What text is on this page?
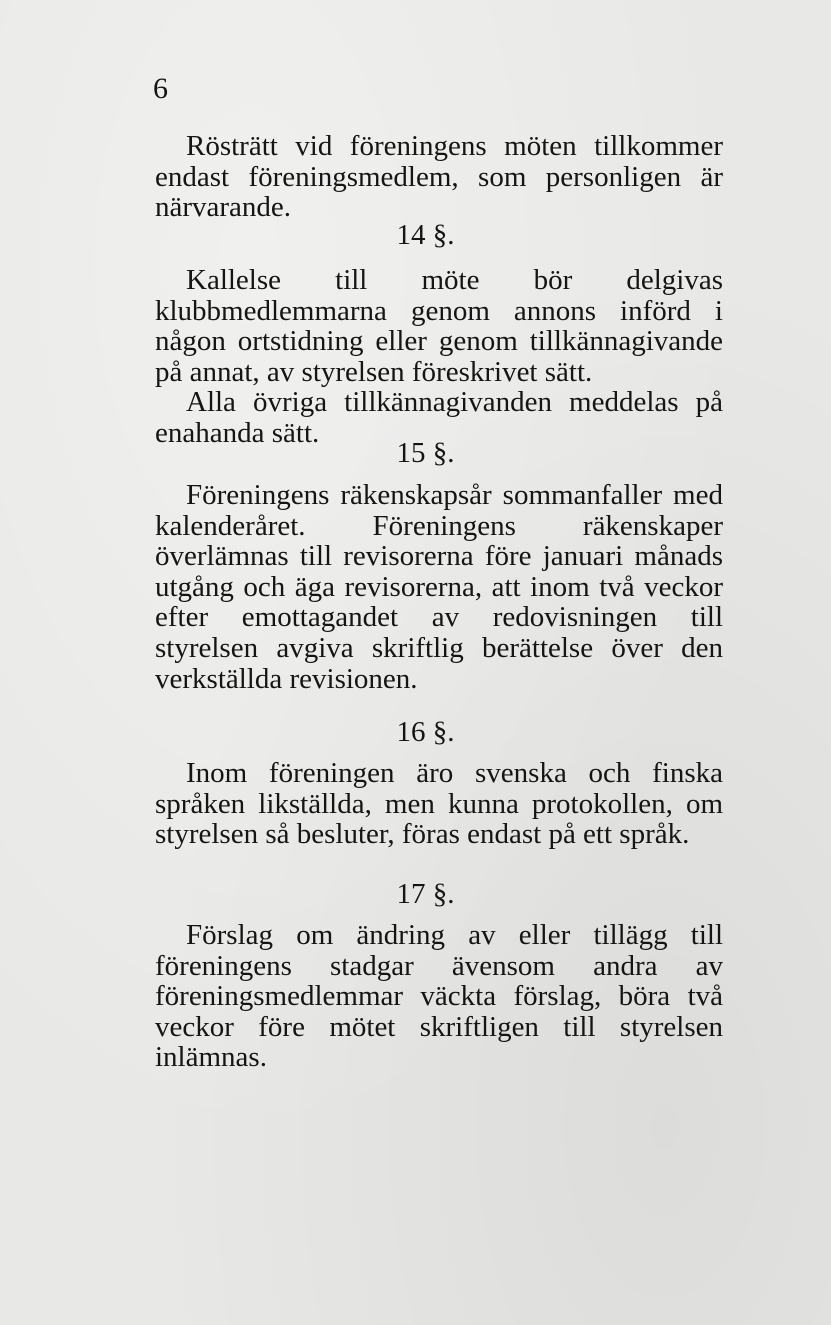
6

Rösträtt vid föreningens möten tillkommer endast föreningsmedlem, som personligen är närvarande.

14 §.

Kallelse till möte bör delgivas klubbmedlemmarna genom annons införd i någon ortstidning eller genom tillkännagivande på annat, av styrelsen föreskrivet sätt.

Alla övriga tillkännagivanden meddelas på enahanda sätt.

15 §.

Föreningens räkenskapsår sommanfaller med kalenderåret. Föreningens räkenskaper överlämnas till revisorerna före januari månads utgång och äga revisorerna, att inom två veckor efter emottagandet av redovisningen till styrelsen avgiva skriftlig berättelse över den verkställda revisionen.

16 §.

Inom föreningen äro svenska och finska språken likställda, men kunna protokollen, om styrelsen så besluter, föras endast på ett språk.

17 §.

Förslag om ändring av eller tillägg till föreningens stadgar ävensom andra av föreningsmedlemmar väckta förslag, böra två veckor före mötet skriftligen till styrelsen inlämnas.
